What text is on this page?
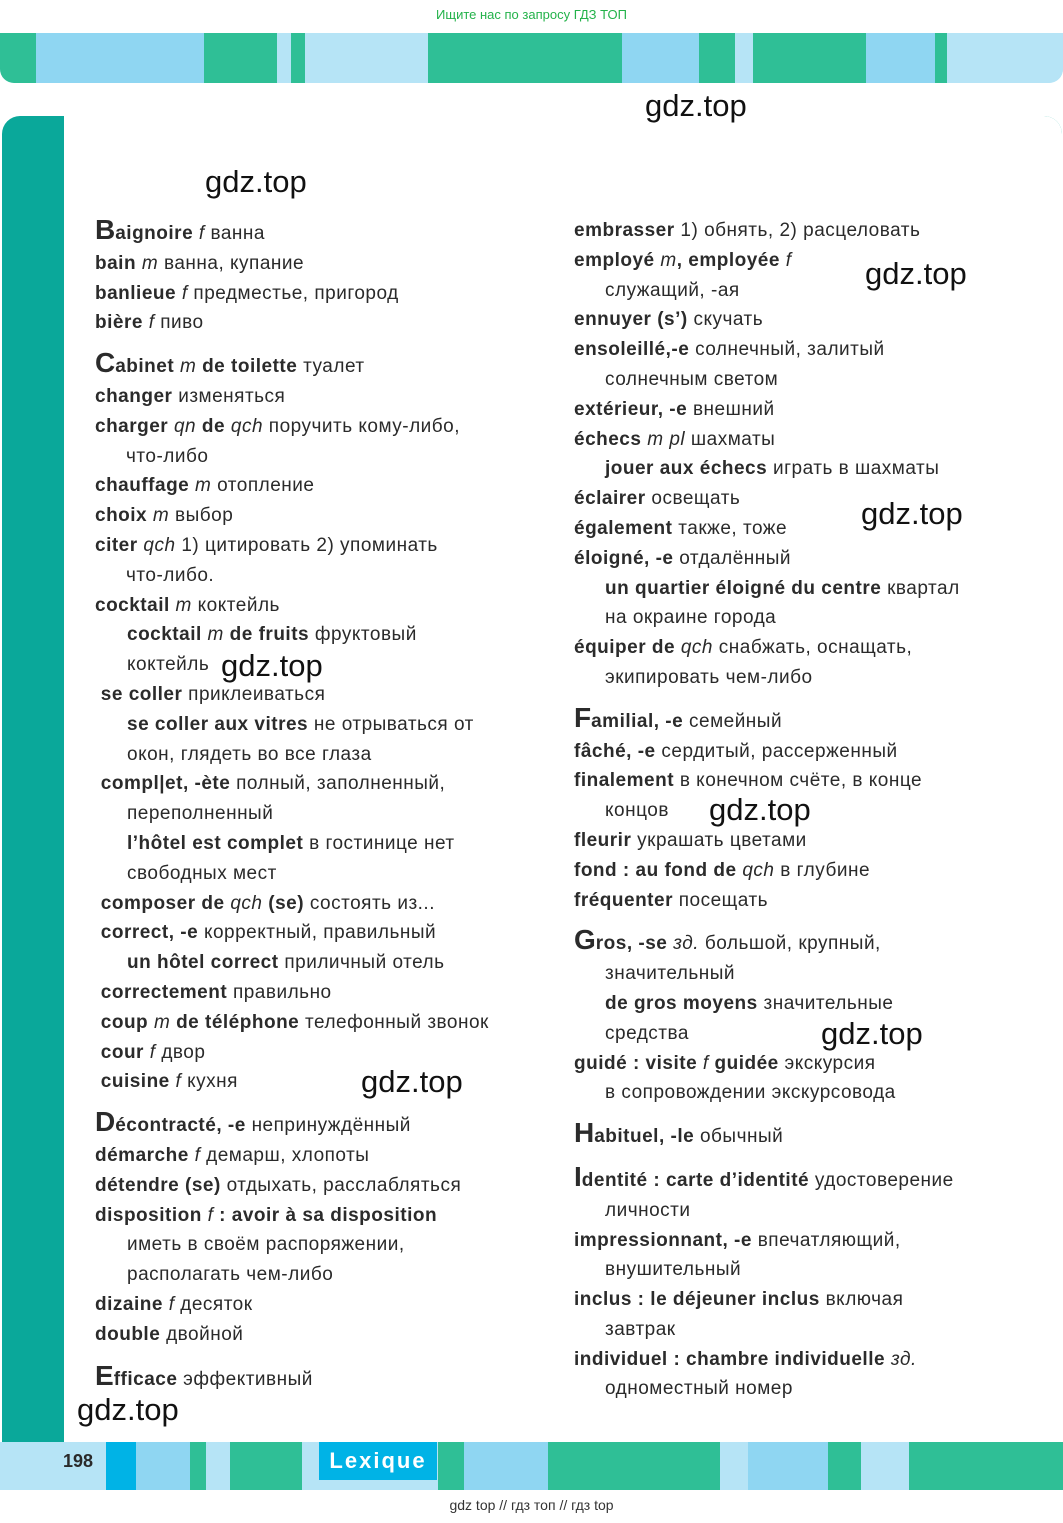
Ищите нас по запросу ГДЗ ТОП
Baignoire f ванна
bain m ванна, купание
banlieue f предместье, пригород
bière f пиво
Cabinet m de toilette туалет
changer изменяться
charger qn de qch поручить кому-либо,
что-либо
chauffage m отопление
choix m выбор
citer qch 1) цитировать 2) упоминать
что-либо.
cocktail m коктейль
cocktail m de fruits фруктовый
коктейль
se coller приклеиваться
se coller aux vitres не отрываться от
окон, глядеть во все глаза
compl|et, -ète полный, заполненный,
переполненный
l’hôtel est complet в гостинице нет
свободных мест
composer de qch (se) состоять из...
correct, -e корректный, правильный
un hôtel correct приличный отель
correctement правильно
coup m de téléphone телефонный звонок
cour f двор
cuisine f кухня
Décontracté, -e непринуждённый
démarche f демарш, хлопоты
détendre (se) отдыхать, расслабляться
disposition f : avoir à sa disposition
иметь в своём распоряжении,
располагать чем-либо
dizaine f десяток
double двойной
Efficace эффективный
embrasser 1) обнять, 2) расцеловать
employé m, employée f
служащий, -ая
ennuyer (s’) скучать
ensoleillé,-e солнечный, залитый
солнечным светом
extérieur, -e внешний
échecs m pl шахматы
jouer aux échecs играть в шахматы
éclairer освещать
également также, тоже
éloigné, -e отдалённый
un quartier éloigné du centre квартал
на окраине города
équiper de qch снабжать, оснащать,
экипировать чем-либо
Familial, -e семейный
fâché, -e сердитый, рассерженный
finalement в конечном счёте, в конце
концов
fleurir украшать цветами
fond : au fond de qch в глубине
fréquenter посещать
Gros, -se зд. большой, крупный,
значительный
de gros moyens значительные
средства
guidé : visite f guidée экскурсия
в сопровождении экскурсовода
Habituel, -le обычный
Identité : carte d’identité удостоверение
личности
impressionnant, -e впечатляющий,
внушительный
inclus : le déjeuner inclus включая
завтрак
individuel : chambre individuelle зд.
одноместный номер
gdz.top
gdz.top
gdz.top
gdz.top
gdz.top
gdz.top
gdz.top
gdz.top
gdz.top
198	Lexique
gdz top // гдз топ // гдз top
